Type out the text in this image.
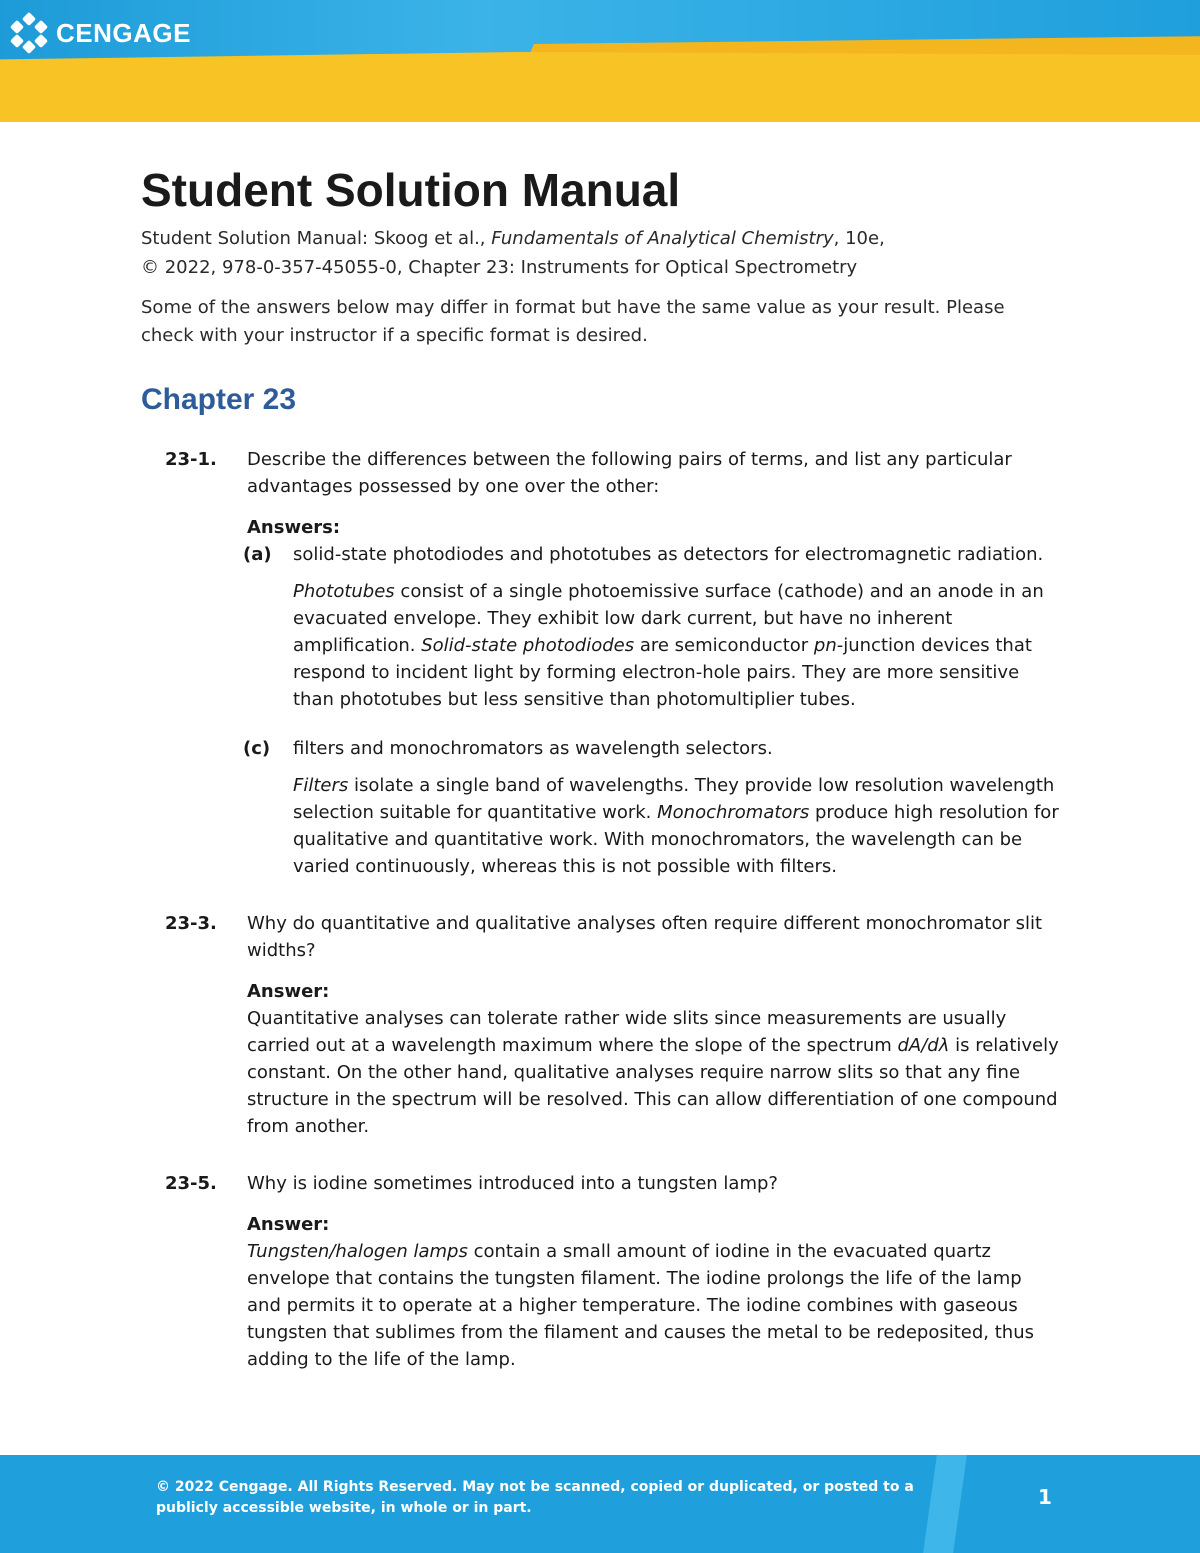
CENGAGE
Student Solution Manual

Student Solution Manual: Skoog et al., Fundamentals of Analytical Chemistry, 10e,
© 2022, 978-0-357-45055-0, Chapter 23: Instruments for Optical Spectrometry

Some of the answers below may differ in format but have the same value as your result. Please check with your instructor if a specific format is desired.

Chapter 23
23-1.	Describe the differences between the following pairs of terms, and list any particular advantages possessed by one over the other:
Answers:
(a)	solid-state photodiodes and phototubes as detectors for electromagnetic radiation.
Phototubes consist of a single photoemissive surface (cathode) and an anode in an evacuated envelope. They exhibit low dark current, but have no inherent amplification. Solid-state photodiodes are semiconductor pn-junction devices that respond to incident light by forming electron-hole pairs. They are more sensitive than phototubes but less sensitive than photomultiplier tubes.
(c)	filters and monochromators as wavelength selectors.
Filters isolate a single band of wavelengths. They provide low resolution wavelength selection suitable for quantitative work. Monochromators produce high resolution for qualitative and quantitative work. With monochromators, the wavelength can be varied continuously, whereas this is not possible with filters.
23-3.	Why do quantitative and qualitative analyses often require different monochromator slit widths?
Answer:
Quantitative analyses can tolerate rather wide slits since measurements are usually carried out at a wavelength maximum where the slope of the spectrum dA/dλ is relatively constant. On the other hand, qualitative analyses require narrow slits so that any fine structure in the spectrum will be resolved. This can allow differentiation of one compound from another.
23-5.	Why is iodine sometimes introduced into a tungsten lamp?
Answer:
Tungsten/halogen lamps contain a small amount of iodine in the evacuated quartz envelope that contains the tungsten filament. The iodine prolongs the life of the lamp and permits it to operate at a higher temperature. The iodine combines with gaseous tungsten that sublimes from the filament and causes the metal to be redeposited, thus adding to the life of the lamp.
© 2022 Cengage. All Rights Reserved. May not be scanned, copied or duplicated, or posted to a publicly accessible website, in whole or in part.	1
